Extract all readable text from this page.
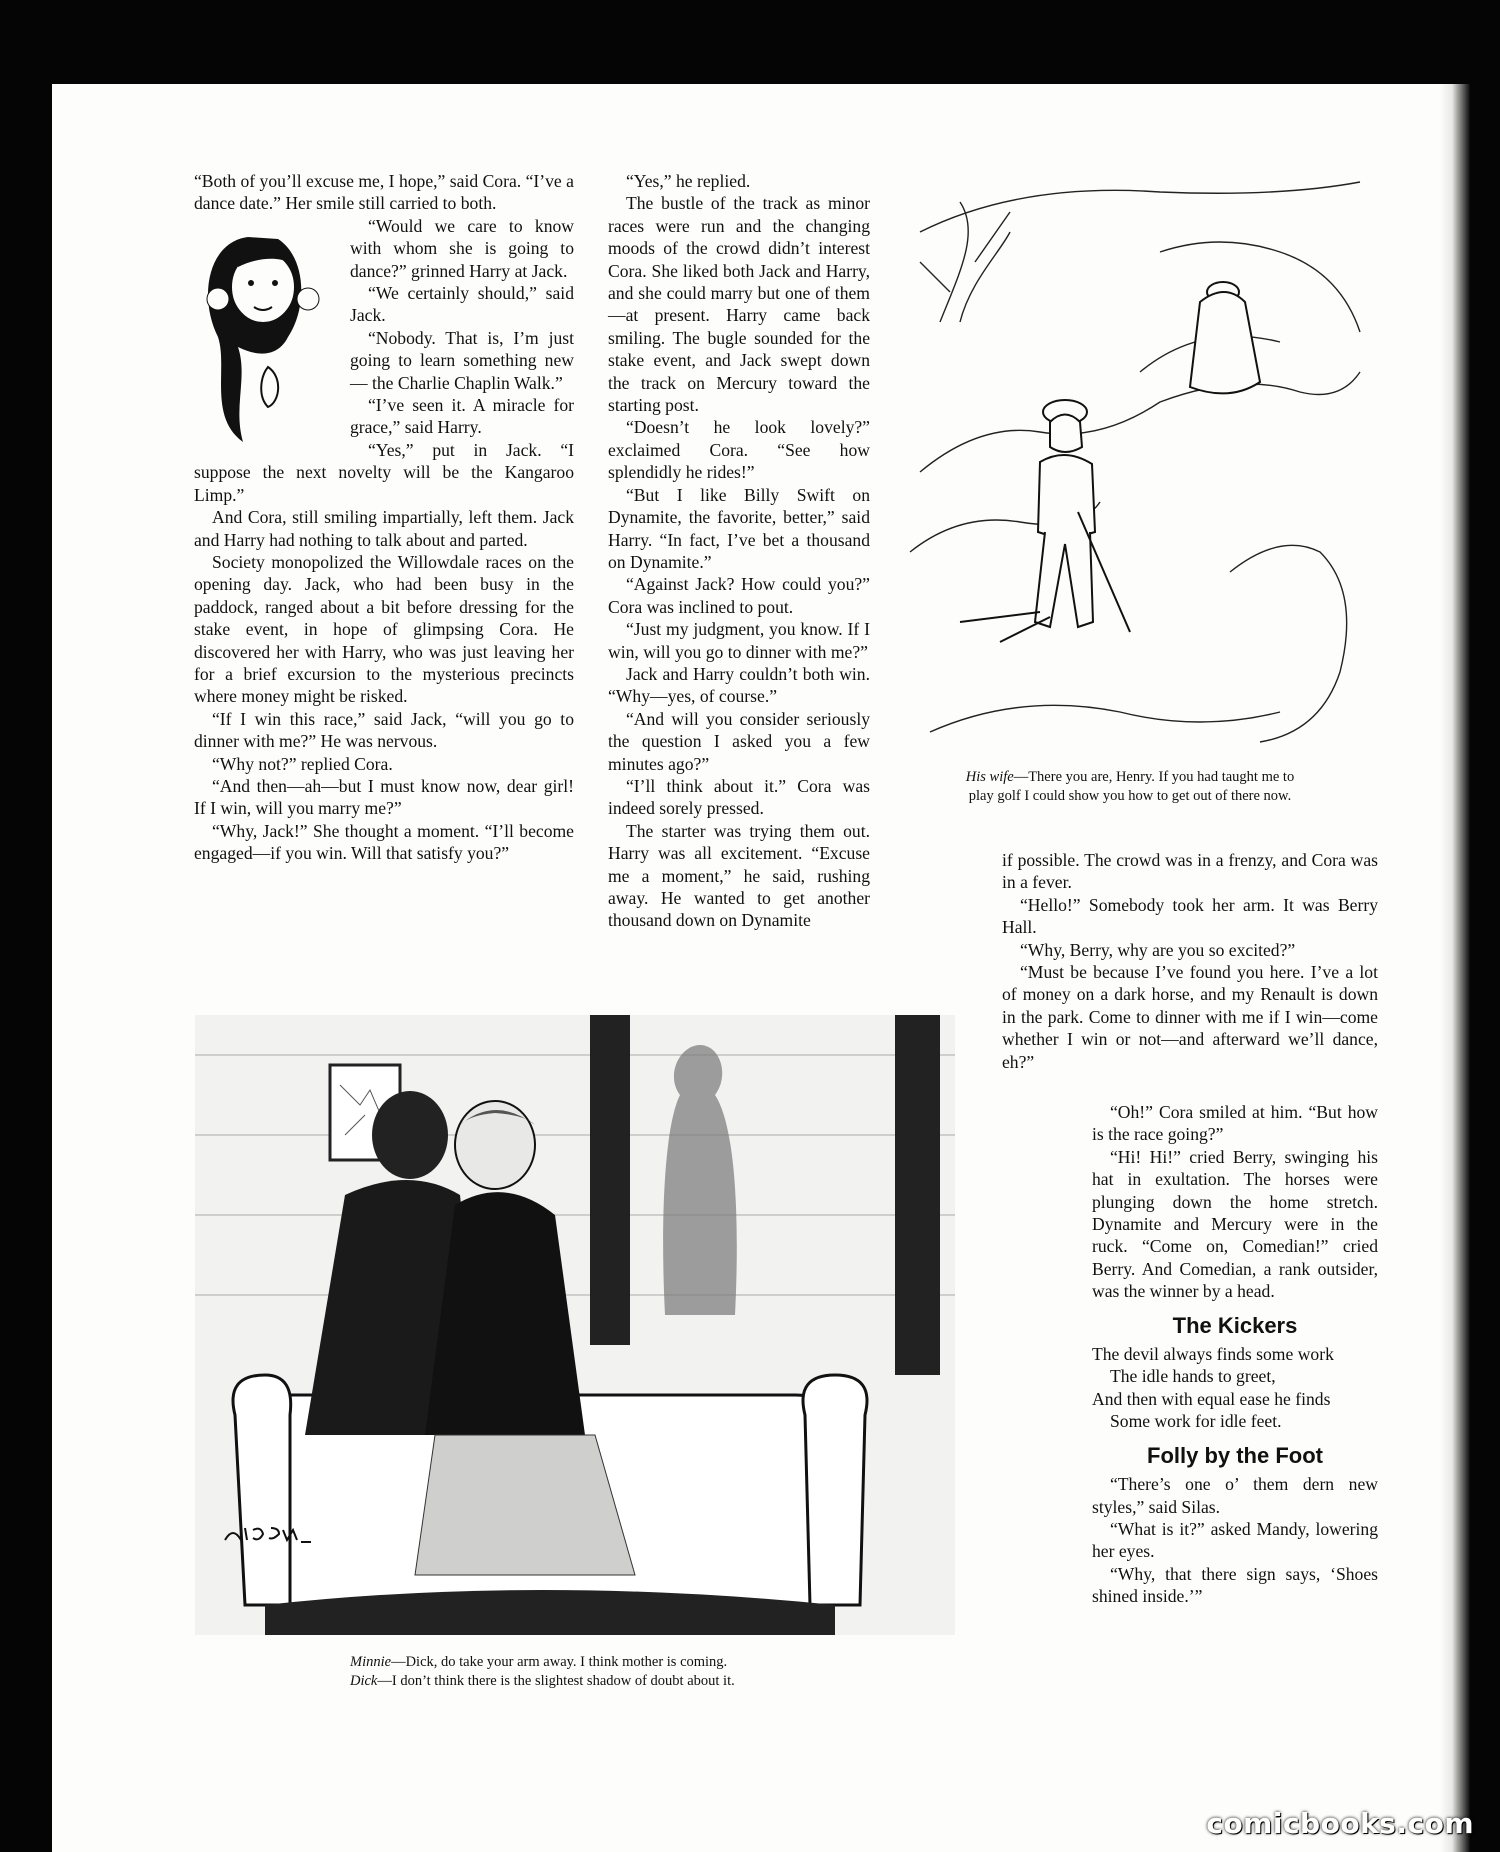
“Both of you’ll excuse me, I hope,” said Cora. “I’ve a dance date.” Her smile still carried to both.

“Would we care to know with whom she is going to dance?” grinned Harry at Jack.

“We certainly should,” said Jack.

“Nobody. That is, I’m just going to learn something new — the Charlie Chaplin Walk.”

“I’ve seen it. A miracle for grace,” said Harry.

“Yes,” put in Jack. “I suppose the next novelty will be the Kangaroo Limp.”

And Cora, still smiling impartially, left them. Jack and Harry had nothing to talk about and parted.

Society monopolized the Willowdale races on the opening day. Jack, who had been busy in the paddock, ranged about a bit before dressing for the stake event, in hope of glimpsing Cora. He discovered her with Harry, who was just leaving her for a brief excursion to the mysterious precincts where money might be risked.

“If I win this race,” said Jack, “will you go to dinner with me?” He was nervous.

“Why not?” replied Cora.

“And then—ah—but I must know now, dear girl! If I win, will you marry me?”

“Why, Jack!” She thought a moment. “I’ll become engaged—if you win. Will that satisfy you?”

“Yes,” he replied.

The bustle of the track as minor races were run and the changing moods of the crowd didn’t interest Cora. She liked both Jack and Harry, and she could marry but one of them —at present. Harry came back smiling. The bugle sounded for the stake event, and Jack swept down the track on Mercury toward the starting post.

“Doesn’t he look lovely?” exclaimed Cora. “See how splendidly he rides!”

“But I like Billy Swift on Dynamite, the favorite, better,” said Harry. “In fact, I’ve bet a thousand on Dynamite.”

“Against Jack? How could you?” Cora was inclined to pout.

“Just my judgment, you know. If I win, will you go to dinner with me?”

Jack and Harry couldn’t both win. “Why—yes, of course.”

“And will you consider seriously the question I asked you a few minutes ago?”

“I’ll think about it.” Cora was indeed sorely pressed.

The starter was trying them out. Harry was all excitement. “Excuse me a moment,” he said, rushing away. He wanted to get another thousand down on Dynamite

His wife—There you are, Henry. If you had taught me to
play golf I could show you how to get out of there now.

if possible. The crowd was in a frenzy, and Cora was in a fever.

“Hello!” Somebody took her arm. It was Berry Hall.

“Why, Berry, why are you so excited?”

“Must be because I’ve found you here. I’ve a lot of money on a dark horse, and my Renault is down in the park. Come to dinner with me if I win—come whether I win or not—and afterward we’ll dance, eh?”

“Oh!” Cora smiled at him. “But how is the race going?”

“Hi! Hi!” cried Berry, swinging his hat in exultation. The horses were plunging down the home stretch. Dynamite and Mercury were in the ruck. “Come on, Comedian!” cried Berry. And Comedian, a rank outsider, was the winner by a head.

The Kickers
The devil always finds some work
The idle hands to greet,
And then with equal ease he finds
Some work for idle feet.
Folly by the Foot

“There’s one o’ them dern new styles,” said Silas.

“What is it?” asked Mandy, lowering her eyes.

“Why, that there sign says, ‘Shoes shined inside.’”

Minnie—Dick, do take your arm away. I think mother is coming.
Dick—I don’t think there is the slightest shadow of doubt about it.
comicbooks.com
